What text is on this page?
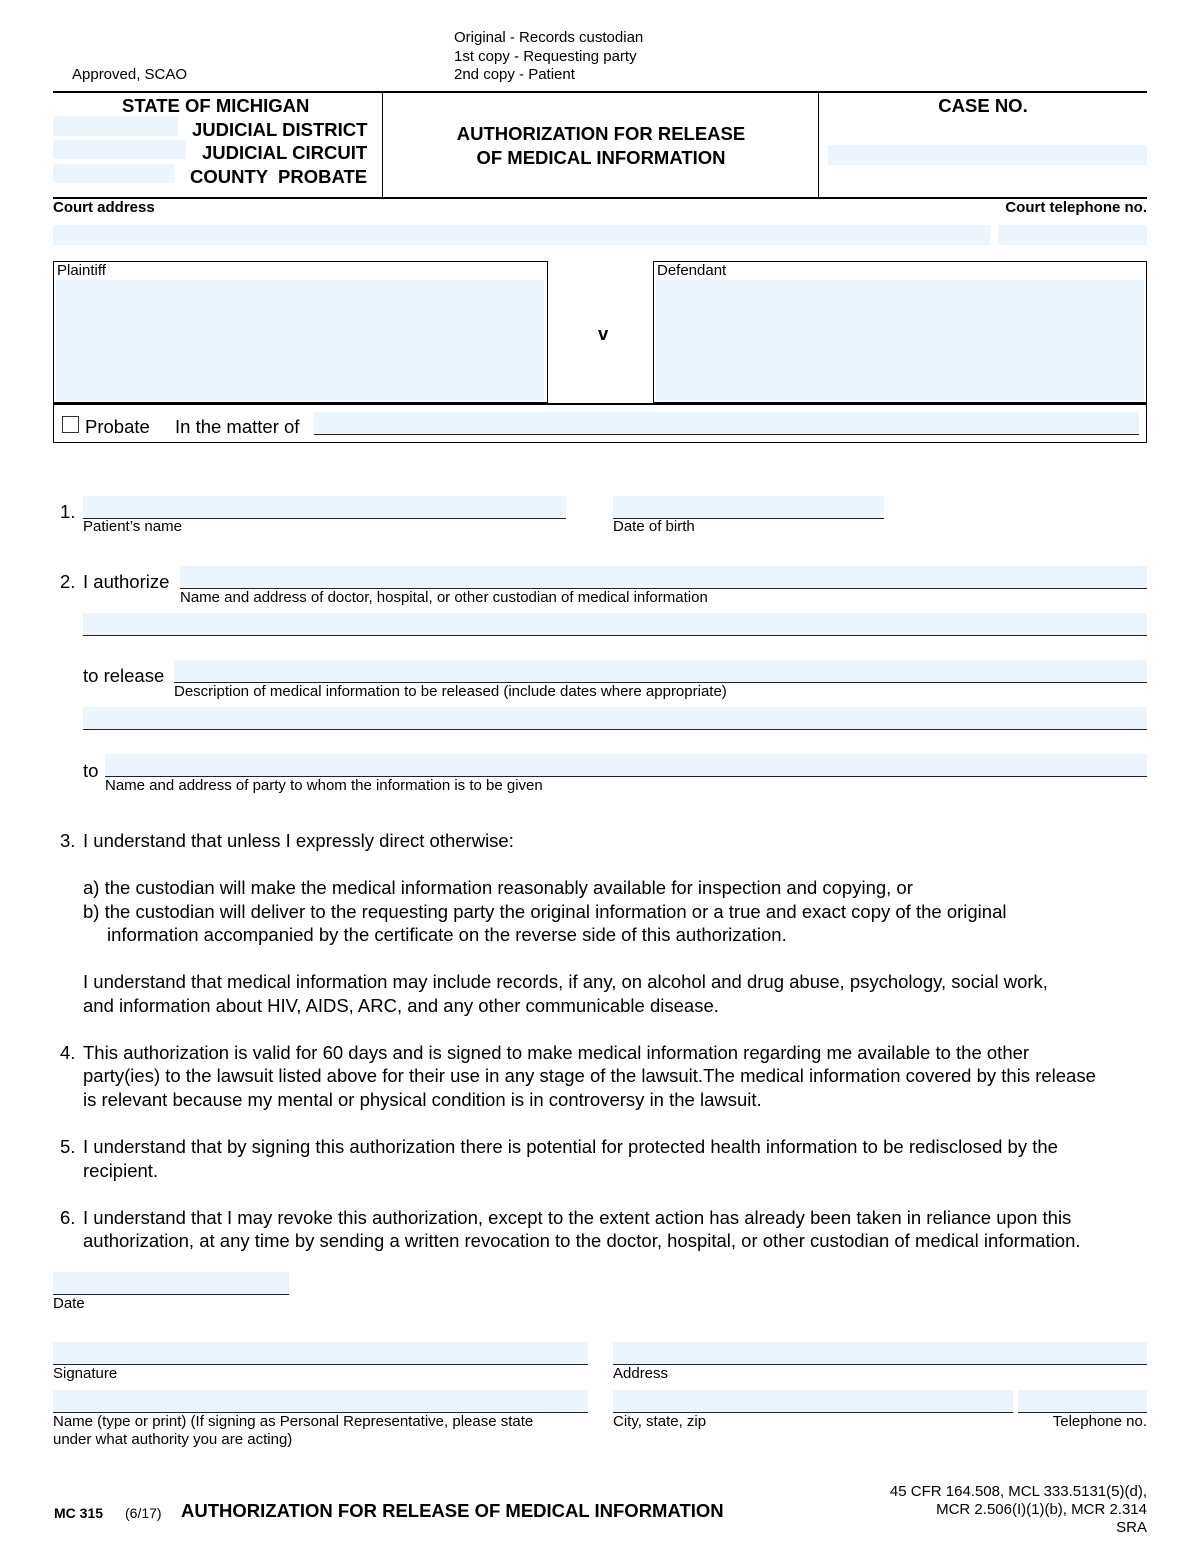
Approved, SCAO
Original - Records custodian
1st copy - Requesting party
2nd copy - Patient
STATE OF MICHIGAN
JUDICIAL DISTRICT
JUDICIAL CIRCUIT
COUNTY  PROBATE
AUTHORIZATION FOR RELEASE
OF MEDICAL INFORMATION
CASE NO.
Court address	Court telephone no.
Plaintiff
v
Defendant
Probate In the matter of
1.
Patient’s name	Date of birth
2. I authorize
Name and address of doctor, hospital, or other custodian of medical information
to release
Description of medical information to be released (include dates where appropriate)
to
Name and address of party to whom the information is to be given
3. I understand that unless I expressly direct otherwise:
a) the custodian will make the medical information reasonably available for inspection and copying, or
b) the custodian will deliver to the requesting party the original information or a true and exact copy of the original
information accompanied by the certificate on the reverse side of this authorization.
I understand that medical information may include records, if any, on alcohol and drug abuse, psychology, social work,
and information about HIV, AIDS, ARC, and any other communicable disease.
4. This authorization is valid for 60 days and is signed to make medical information regarding me available to the other
party(ies) to the lawsuit listed above for their use in any stage of the lawsuit.The medical information covered by this release
is relevant because my mental or physical condition is in controversy in the lawsuit.
5. I understand that by signing this authorization there is potential for protected health information to be redisclosed by the
recipient.
6. I understand that I may revoke this authorization, except to the extent action has already been taken in reliance upon this
authorization, at any time by sending a written revocation to the doctor, hospital, or other custodian of medical information.
Date
Signature	Address
Name (type or print) (If signing as Personal Representative, please state
under what authority you are acting)
City, state, zip	Telephone no.
MC 315 (6/17) AUTHORIZATION FOR RELEASE OF MEDICAL INFORMATION
45 CFR 164.508, MCL 333.5131(5)(d),
MCR 2.506(I)(1)(b), MCR 2.314
SRA
